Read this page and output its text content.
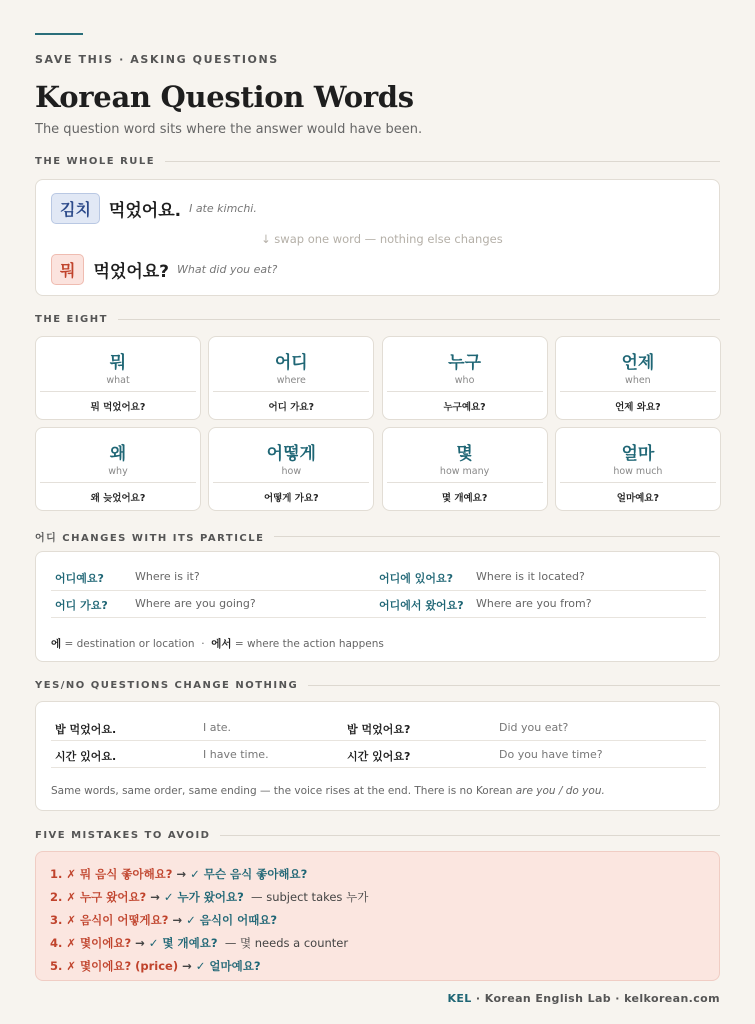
SAVE THIS · ASKING QUESTIONS
Korean Question Words
The question word sits where the answer would have been.
THE WHOLE RULE
김치	먹었어요. I ate kimchi.
↓ swap one word — nothing else changes
뭐	먹었어요? What did you eat?
THE EIGHT
뭐
what
뭐 먹었어요?
어디
where
어디 가요?
누구
who
누구예요?
언제
when
언제 와요?
왜
why
왜 늦었어요?
어떻게
how
어떻게 가요?
몇
how many
몇 개예요?
얼마
how much
얼마예요?
어디 CHANGES WITH ITS PARTICLE
어디예요?	Where is it?	어디에 있어요? Where is it located?
어디 가요? Where are you going?	어디에서 왔어요? Where are you from?
에 = destination or location  ·  에서 = where the action happens
YES/NO QUESTIONS CHANGE NOTHING
밥 먹었어요.	I ate.	밥 먹었어요?	Did you eat?
시간 있어요.	I have time.	시간 있어요?	Do you have time?
Same words, same order, same ending — the voice rises at the end. There is no Korean are you / do you.
FIVE MISTAKES TO AVOID
1. ✗ 뭐 음식 좋아해요? → ✓ 무슨 음식 좋아해요?
2. ✗ 누구 왔어요? → ✓ 누가 왔어요?  — subject takes 누가
3. ✗ 음식이 어떻게요? → ✓ 음식이 어때요?
4. ✗ 몇이에요? → ✓ 몇 개예요?  — 몇 needs a counter
5. ✗ 몇이에요? (price) → ✓ 얼마예요?
KEL · Korean English Lab · kelkorean.com
